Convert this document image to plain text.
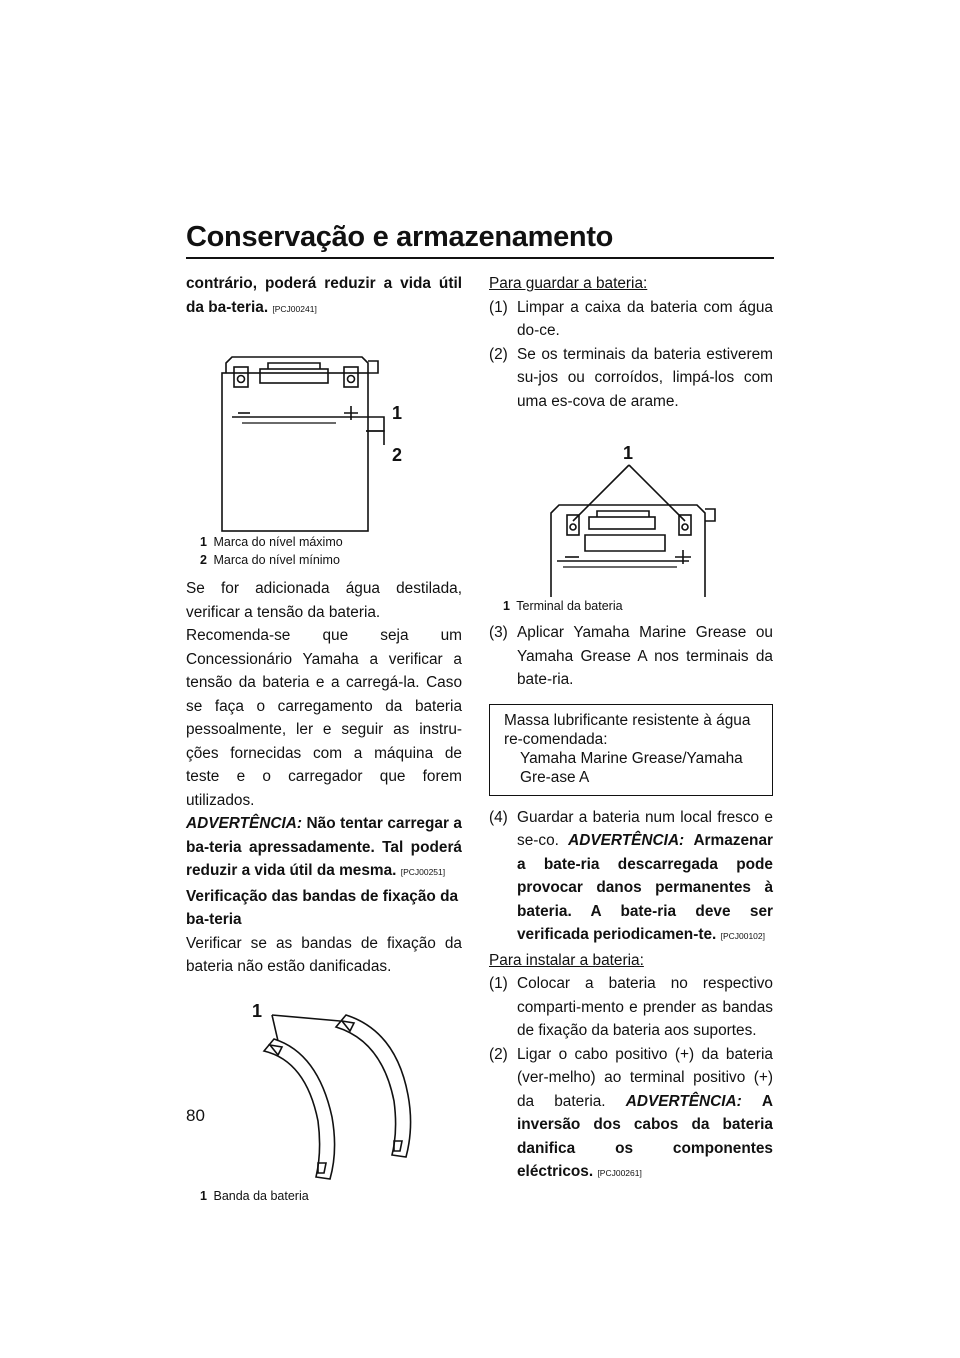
Conservação e armazenamento

contrário, poderá reduzir a vida útil da ba-teria. [PCJ00241]

1
2
1 Marca do nível máximo
2 Marca do nível mínimo

Se for adicionada água destilada, verificar a tensão da bateria.

Recomenda-se que seja um Concessionário Yamaha a verificar a tensão da bateria e a carregá-la. Caso se faça o carregamento da bateria pessoalmente, ler e seguir as instru-ções fornecidas com a máquina de teste e o carregador que forem utilizados.

ADVERTÊNCIA: Não tentar carregar a ba-teria apressadamente. Tal poderá reduzir a vida útil da mesma. [PCJ00251]

Verificação das bandas de fixação da ba-teria

Verificar se as bandas de fixação da bateria não estão danificadas.

1
1 Banda da bateria

Para guardar a bateria:

(1) Limpar a caixa da bateria com água do-ce.
(2) Se os terminais da bateria estiverem su-jos ou corroídos, limpá-los com uma es-cova de arame.
1
1 Terminal da bateria
(3) Aplicar Yamaha Marine Grease ou Yamaha Grease A nos terminais da bate-ria.
Massa lubrificante resistente à água re-comendada:
Yamaha Marine Grease/Yamaha Gre-ase A
(4) Guardar a bateria num local fresco e se-co. ADVERTÊNCIA: Armazenar a bate-ria descarregada pode provocar danos permanentes à bateria. A bate-ria deve ser verificada periodicamen-te. [PCJ00102]

Para instalar a bateria:

(1) Colocar a bateria no respectivo comparti-mento e prender as bandas de fixação da bateria aos suportes.
(2) Ligar o cabo positivo (+) da bateria (ver-melho) ao terminal positivo (+) da bateria. ADVERTÊNCIA: A inversão dos cabos da bateria danifica os componentes eléctricos. [PCJ00261]
80
